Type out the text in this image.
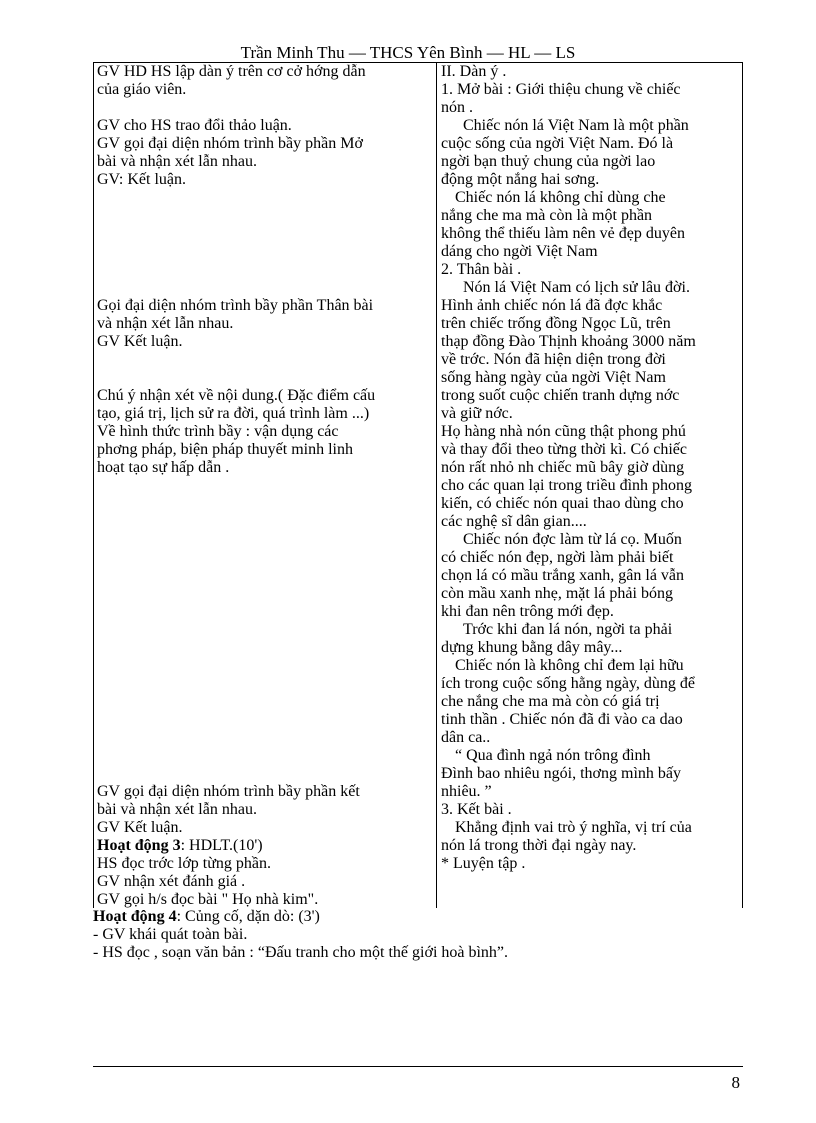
Trần Minh Thu — THCS Yên Bình — HL — LS
GV HD HS lập dàn ý trên cơ cở hớng dẫn
của giáo viên.
GV cho HS trao đổi thảo luận.
GV gọi đại diện nhóm trình bầy phần Mở
bài và nhận xét lẫn nhau.
GV: Kết luận.
Gọi đại diện nhóm trình bầy phần Thân bài
và nhận xét lẫn nhau.
GV Kết luận.
Chú ý nhận xét về nội dung.( Đặc điểm cấu
tạo, giá trị, lịch sử ra đời, quá trình làm ...)
Về hình thức trình bầy : vận dụng các
phơng pháp, biện pháp thuyết minh linh
hoạt tạo sự hấp dẫn .
GV gọi đại diện nhóm trình bầy phần kết
bài và nhận xét lẫn nhau.
GV Kết luận.
Hoạt động 3: HDLT.(10')
HS đọc trớc lớp từng phần.
GV nhận xét đánh giá .
GV gọi h/s đọc bài " Họ nhà kim".
II. Dàn ý .
1. Mở bài : Giới thiệu chung về chiếc
nón .
Chiếc nón lá Việt Nam là một phần
cuộc sống của ngời Việt Nam. Đó là
ngời bạn thuỷ chung của ngời lao
động một nắng hai sơng.
Chiếc nón lá không chỉ dùng che
nắng che ma mà còn là một phần
không thể thiếu làm nên vẻ đẹp duyên
dáng cho ngời Việt Nam
2. Thân bài .
Nón lá Việt Nam có lịch sử lâu đời.
Hình ảnh chiếc nón lá đã đợc khắc
trên chiếc trống đồng Ngọc Lũ, trên
thạp đồng Đào Thịnh khoảng 3000 năm
về trớc. Nón đã hiện diện trong đời
sống hàng ngày của ngời Việt Nam
trong suốt cuộc chiến tranh dựng nớc
và giữ nớc.
Họ hàng nhà nón cũng thật phong phú
và thay đổi theo từng thời kì. Có chiếc
nón rất nhỏ nh chiếc mũ bây giờ dùng
cho các quan lại trong triều đình phong
kiến, có chiếc nón quai thao dùng cho
các nghệ sĩ dân gian....
Chiếc nón đợc làm từ lá cọ. Muốn
có chiếc nón đẹp, ngời làm phải biết
chọn lá có mầu trắng xanh, gân lá vẫn
còn mầu xanh nhẹ, mặt lá phải bóng
khi đan nên trông mới đẹp.
Trớc khi đan lá nón, ngời ta phải
dựng khung bằng dây mây...
Chiếc nón là không chỉ đem lại hữu
ích trong cuộc sống hằng ngày, dùng để
che nắng che ma mà còn có giá trị
tinh thần . Chiếc nón đã đi vào ca dao
dân ca..
“ Qua đình ngả nón trông đình
Đình bao nhiêu ngói, thơng mình bấy
nhiêu. ”
3. Kết bài .
Khẳng định vai trò ý nghĩa, vị trí của
nón lá trong thời đại ngày nay.
* Luyện tập .
Hoạt động 4: Củng cố, dặn dò: (3')
- GV khái quát toàn bài.
- HS đọc , soạn văn bản : “Đấu tranh cho một thế giới hoà bình”.
8
